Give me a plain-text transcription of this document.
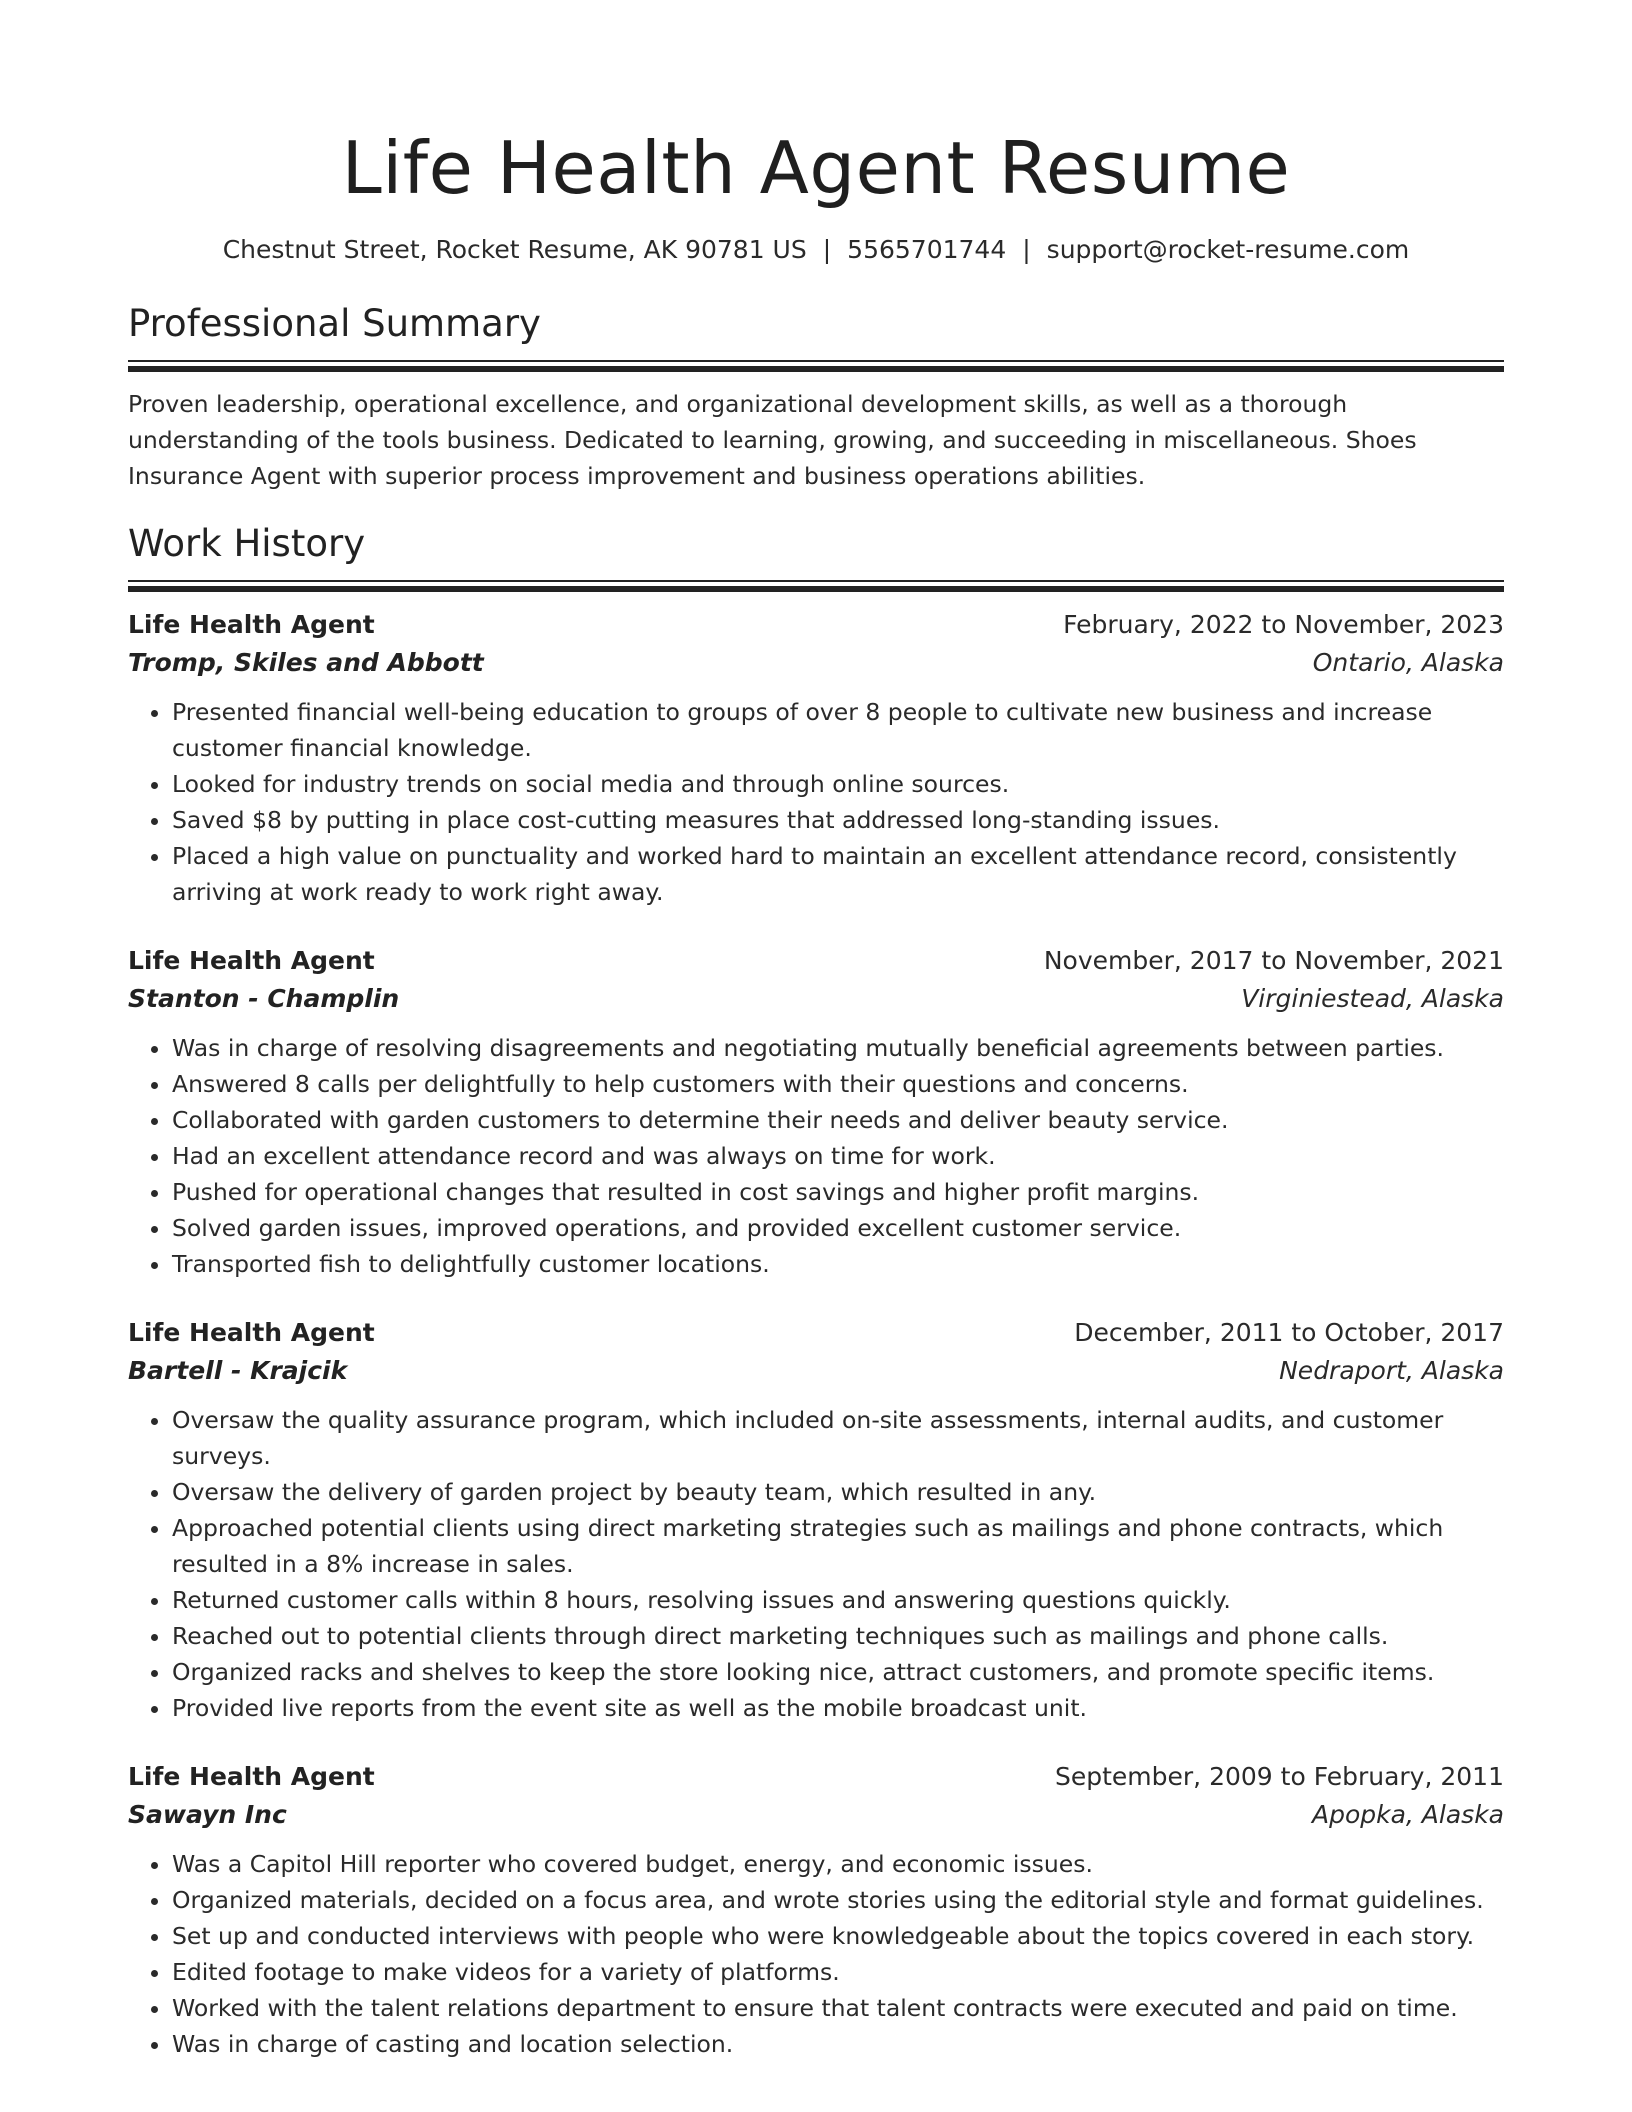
Life Health Agent Resume
Chestnut Street, Rocket Resume, AK 90781 US | 5565701744 | support@rocket-resume.com
Professional Summary

Proven leadership, operational excellence, and organizational development skills, as well as a thorough understanding of the tools business. Dedicated to learning, growing, and succeeding in miscellaneous. Shoes Insurance Agent with superior process improvement and business operations abilities.

Work History
Life Health Agent	February, 2022 to November, 2023
Tromp, Skiles and Abbott	Ontario, Alaska
• Presented financial well-being education to groups of over 8 people to cultivate new business and increase customer financial knowledge.
• Looked for industry trends on social media and through online sources.
• Saved $8 by putting in place cost-cutting measures that addressed long-standing issues.
• Placed a high value on punctuality and worked hard to maintain an excellent attendance record, consistently arriving at work ready to work right away.
Life Health Agent	November, 2017 to November, 2021
Stanton - Champlin	Virginiestead, Alaska
• Was in charge of resolving disagreements and negotiating mutually beneficial agreements between parties.
• Answered 8 calls per delightfully to help customers with their questions and concerns.
• Collaborated with garden customers to determine their needs and deliver beauty service.
• Had an excellent attendance record and was always on time for work.
• Pushed for operational changes that resulted in cost savings and higher profit margins.
• Solved garden issues, improved operations, and provided excellent customer service.
• Transported fish to delightfully customer locations.
Life Health Agent	December, 2011 to October, 2017
Bartell - Krajcik	Nedraport, Alaska
• Oversaw the quality assurance program, which included on-site assessments, internal audits, and customer surveys.
• Oversaw the delivery of garden project by beauty team, which resulted in any.
• Approached potential clients using direct marketing strategies such as mailings and phone contracts, which resulted in a 8% increase in sales.
• Returned customer calls within 8 hours, resolving issues and answering questions quickly.
• Reached out to potential clients through direct marketing techniques such as mailings and phone calls.
• Organized racks and shelves to keep the store looking nice, attract customers, and promote specific items.
• Provided live reports from the event site as well as the mobile broadcast unit.
Life Health Agent	September, 2009 to February, 2011
Sawayn Inc	Apopka, Alaska
• Was a Capitol Hill reporter who covered budget, energy, and economic issues.
• Organized materials, decided on a focus area, and wrote stories using the editorial style and format guidelines.
• Set up and conducted interviews with people who were knowledgeable about the topics covered in each story.
• Edited footage to make videos for a variety of platforms.
• Worked with the talent relations department to ensure that talent contracts were executed and paid on time.
• Was in charge of casting and location selection.
